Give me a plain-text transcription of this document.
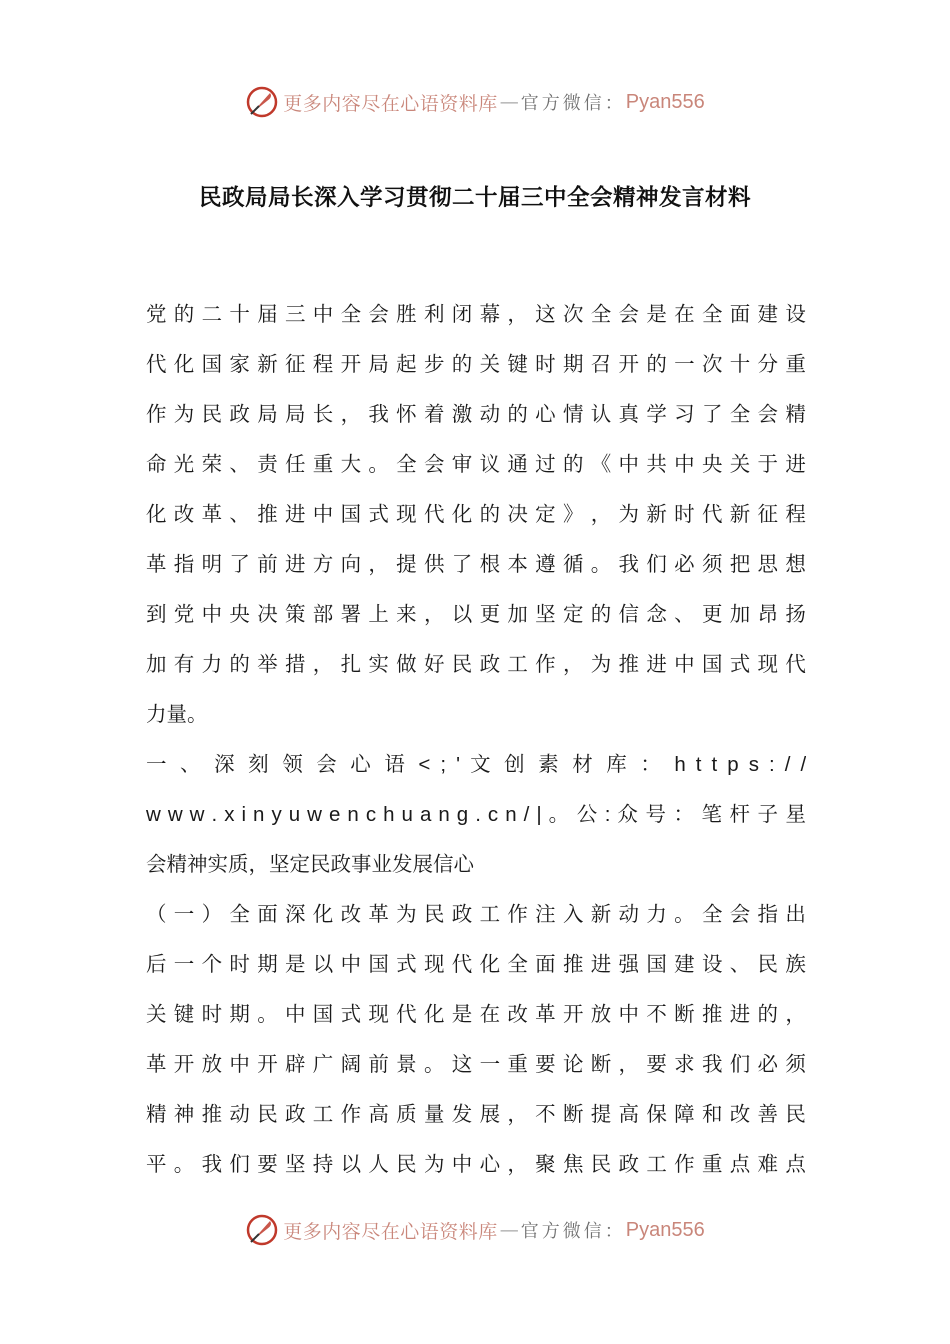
更多内容尽在心语资料库 — 官方微信： Pyan556
民政局局长深入学习贯彻二十届三中全会精神发言材料
党 的 二 十 届 三 中 全 会 胜 利 闭 幕 ， 这 次 全 会 是 在 全 面 建 设
代 化 国 家 新 征 程 开 局 起 步 的 关 键 时 期 召 开 的 一 次 十 分 重
作 为 民 政 局 局 长 ， 我 怀 着 激 动 的 心 情 认 真 学 习 了 全 会 精
命 光 荣 、 责 任 重 大 。 全 会 审 议 通 过 的 《 中 共 中 央 关 于 进
化 改 革 、 推 进 中 国 式 现 代 化 的 决 定 》 ， 为 新 时 代 新 征 程
革 指 明 了 前 进 方 向 ， 提 供 了 根 本 遵 循 。 我 们 必 须 把 思 想
到 党 中 央 决 策 部 署 上 来 ， 以 更 加 坚 定 的 信 念 、 更 加 昂 扬
加 有 力 的 举 措 ， 扎 实 做 好 民 政 工 作 ， 为 推 进 中 国 式 现 代
力量。
一 、 深 刻 领 会 心 语 < ; ' 文 创 素 材 库 ： h t t p s : / /
w w w . x i n y u w e n c h u a n g . c n / | 。 公 : 众 号 ： 笔 杆 子 星
会精神实质，坚定民政事业发展信心
（ 一 ） 全 面 深 化 改 革 为 民 政 工 作 注 入 新 动 力 。 全 会 指 出
后 一 个 时 期 是 以 中 国 式 现 代 化 全 面 推 进 强 国 建 设 、 民 族
关 键 时 期 。 中 国 式 现 代 化 是 在 改 革 开 放 中 不 断 推 进 的 ，
革 开 放 中 开 辟 广 阔 前 景 。 这 一 重 要 论 断 ， 要 求 我 们 必 须
精 神 推 动 民 政 工 作 高 质 量 发 展 ， 不 断 提 高 保 障 和 改 善 民
平 。 我 们 要 坚 持 以 人 民 为 中 心 ， 聚 焦 民 政 工 作 重 点 难 点
更多内容尽在心语资料库 — 官方微信： Pyan556
